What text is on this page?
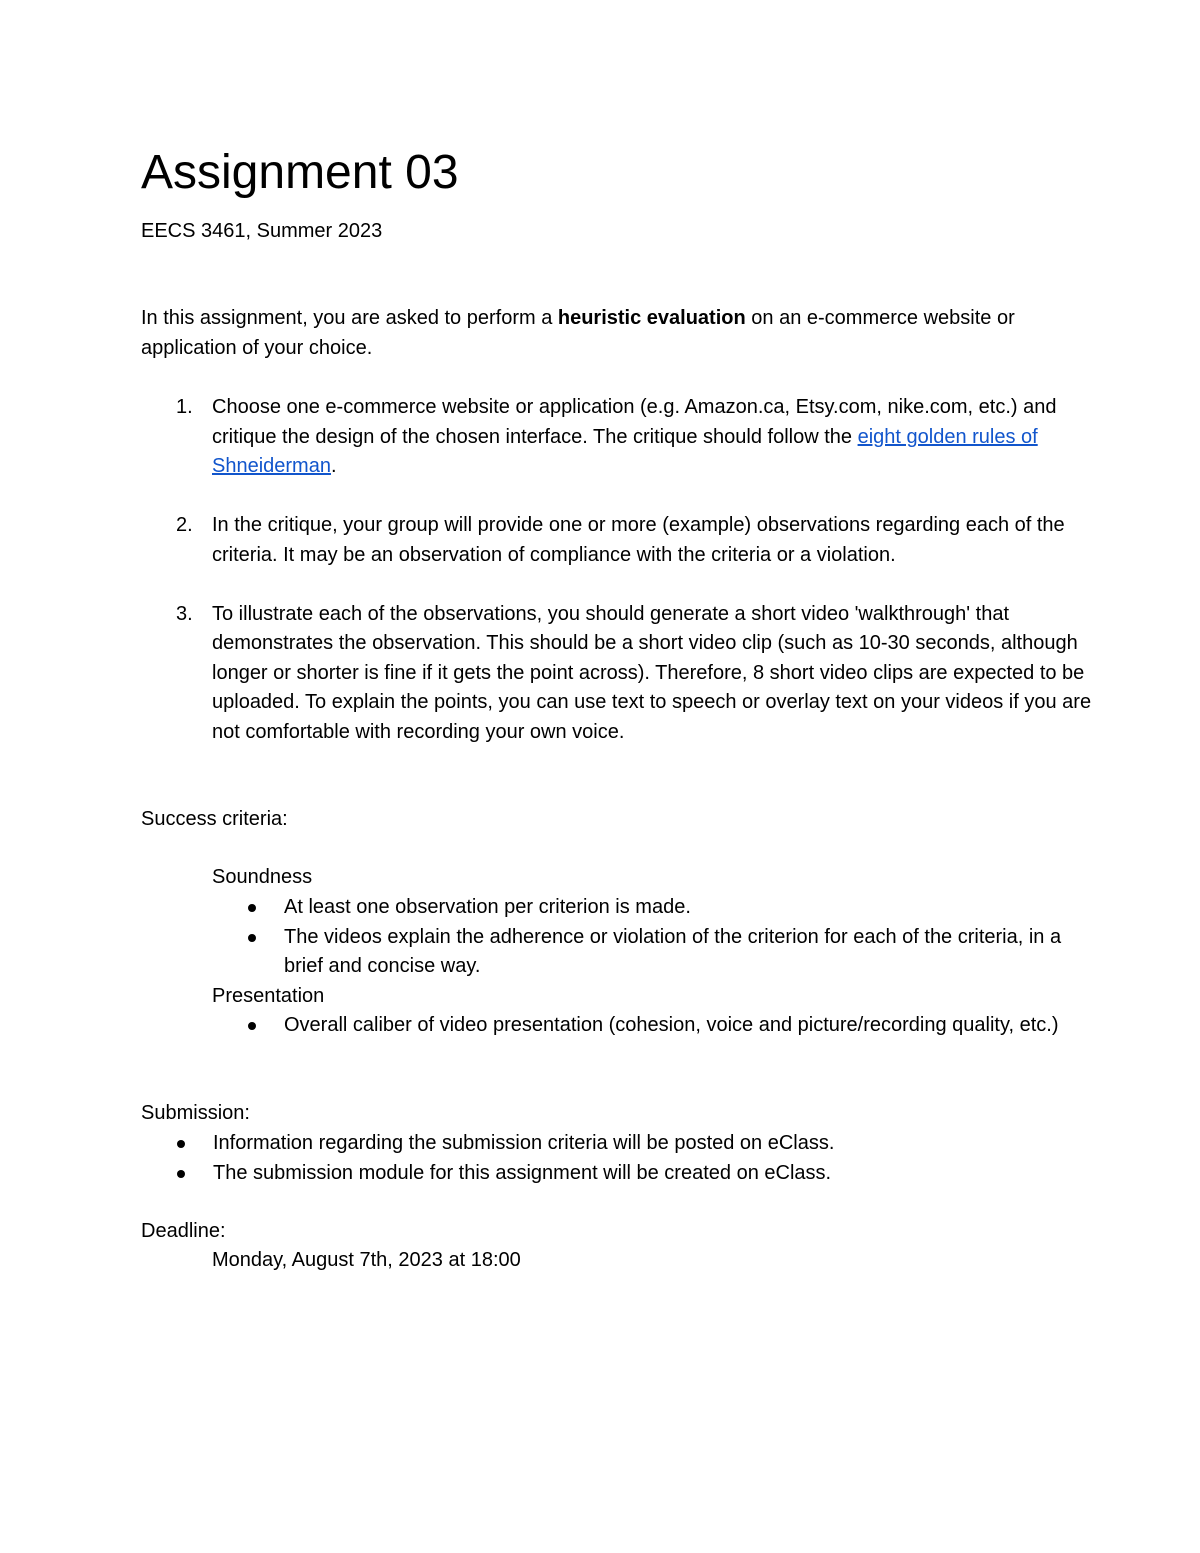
Assignment 03
EECS 3461, Summer 2023

In this assignment, you are asked to perform a heuristic evaluation on an e-commerce website or application of your choice.

1. Choose one e-commerce website or application (e.g. Amazon.ca, Etsy.com, nike.com, etc.) and critique the design of the chosen interface. The critique should follow the eight golden rules of Shneiderman.
2. In the critique, your group will provide one or more (example) observations regarding each of the criteria. It may be an observation of compliance with the criteria or a violation.
3. To illustrate each of the observations, you should generate a short video 'walkthrough' that demonstrates the observation. This should be a short video clip (such as 10-30 seconds, although longer or shorter is fine if it gets the point across). Therefore, 8 short video clips are expected to be uploaded. To explain the points, you can use text to speech or overlay text on your videos if you are not comfortable with recording your own voice.
Success criteria:
Soundness
At least one observation per criterion is made.
The videos explain the adherence or violation of the criterion for each of the criteria, in a brief and concise way.
Presentation
Overall caliber of video presentation (cohesion, voice and picture/recording quality, etc.)
Submission:
Information regarding the submission criteria will be posted on eClass.
The submission module for this assignment will be created on eClass.
Deadline:
Monday, August 7th, 2023 at 18:00
